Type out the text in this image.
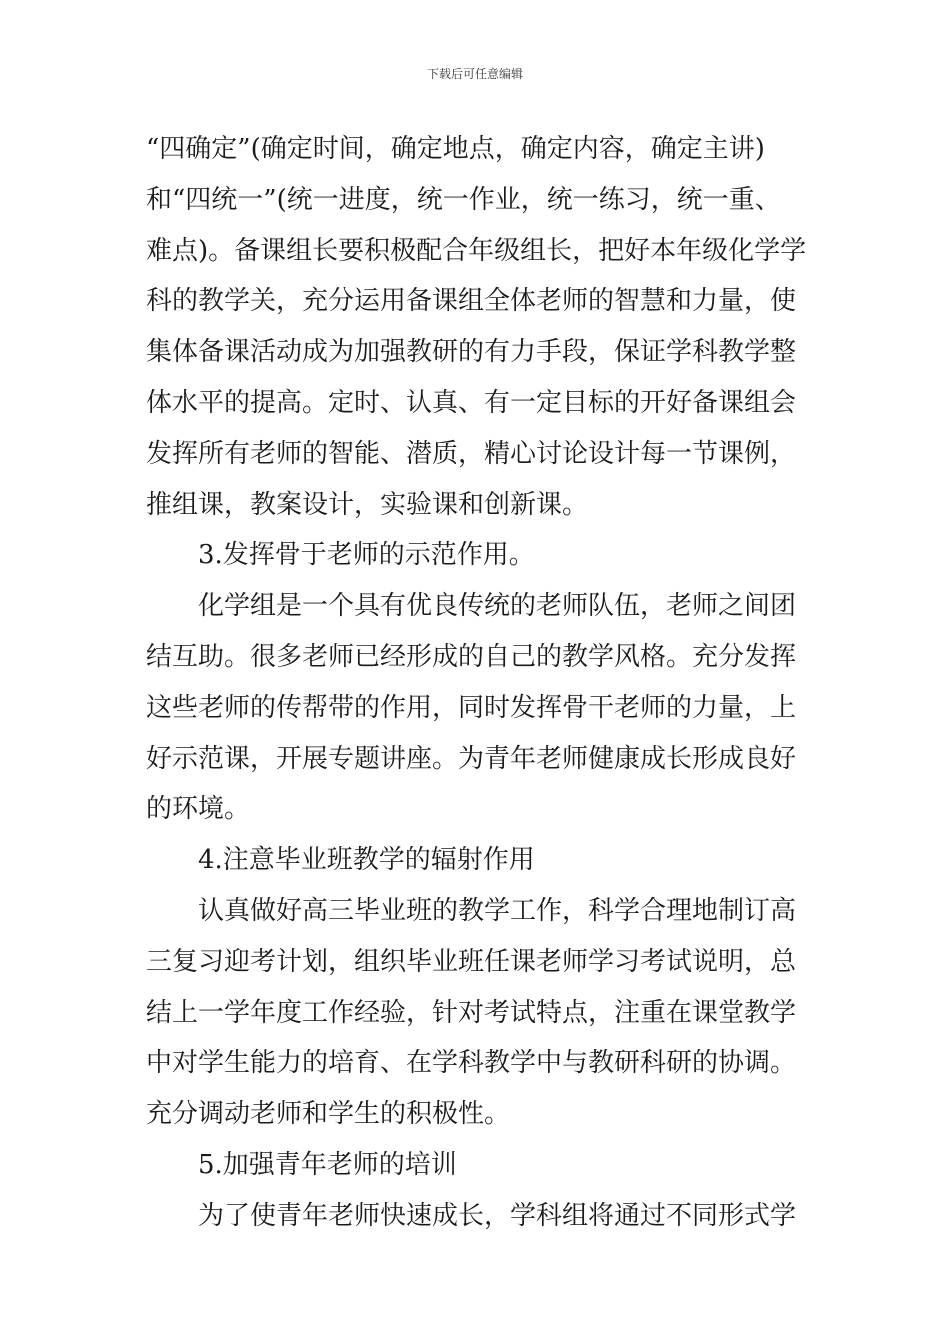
下载后可任意编辑
“四确定”(确定时间，确定地点，确定内容，确定主讲)
和“四统一”(统一进度，统一作业，统一练习，统一重、
难点)。备课组长要积极配合年级组长，把好本年级化学学
科的教学关，充分运用备课组全体老师的智慧和力量，使
集体备课活动成为加强教研的有力手段，保证学科教学整
体水平的提高。定时、认真、有一定目标的开好备课组会
发挥所有老师的智能、潜质，精心讨论设计每一节课例，
推组课，教案设计，实验课和创新课。
3.发挥骨于老师的示范作用。
化学组是一个具有优良传统的老师队伍，老师之间团
结互助。很多老师已经形成的自己的教学风格。充分发挥
这些老师的传帮带的作用，同时发挥骨干老师的力量，上
好示范课，开展专题讲座。为青年老师健康成长形成良好
的环境。
4.注意毕业班教学的辐射作用
认真做好高三毕业班的教学工作，科学合理地制订高
三复习迎考计划，组织毕业班任课老师学习考试说明，总
结上一学年度工作经验，针对考试特点，注重在课堂教学
中对学生能力的培育、在学科教学中与教研科研的协调。
充分调动老师和学生的积极性。
5.加强青年老师的培训
为了使青年老师快速成长，学科组将通过不同形式学
